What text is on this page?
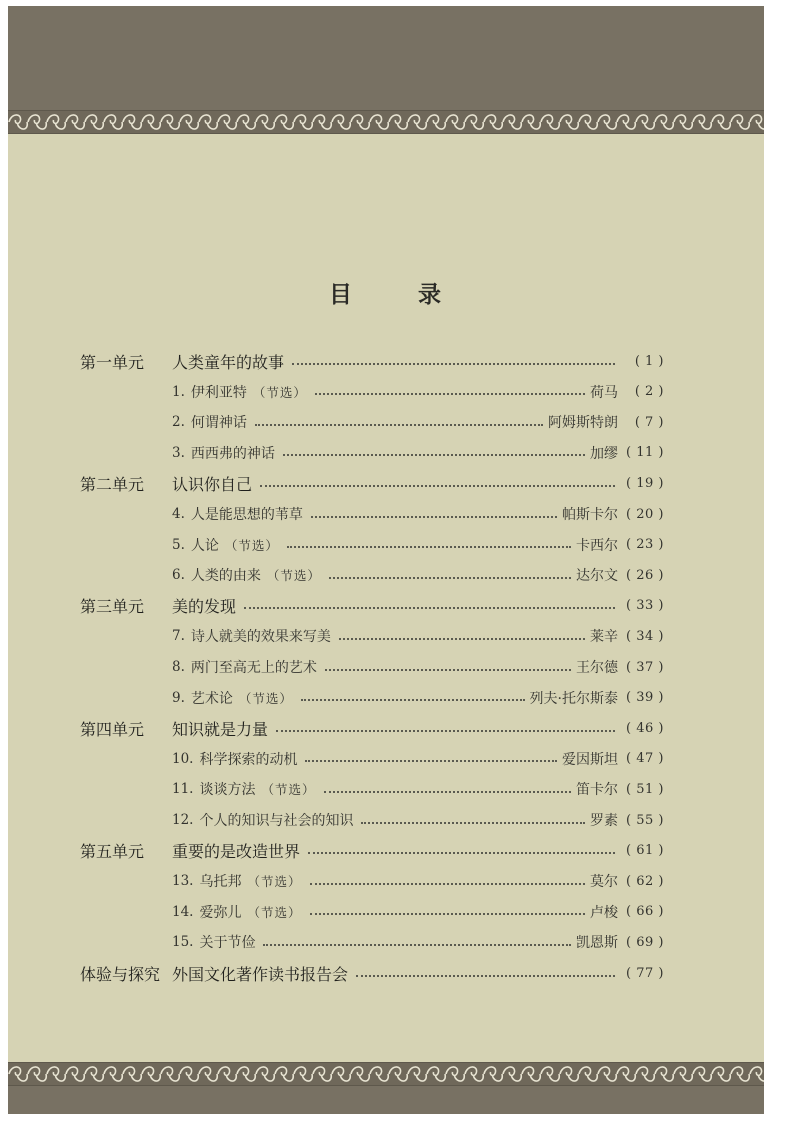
目	录
第一单元	人类童年的故事	( 1 )
1. 伊利亚特 （节选）	荷马	( 2 )
2. 何谓神话	阿姆斯特朗	( 7 )
3. 西西弗的神话	加缪 ( 11 )
第二单元	认识你自己	( 19 )
4. 人是能思想的苇草	帕斯卡尔 ( 20 )
5. 人论 （节选）	卡西尔 ( 23 )
6. 人类的由来 （节选）	达尔文 ( 26 )
第三单元	美的发现	( 33 )
7. 诗人就美的效果来写美	莱辛 ( 34 )
8. 两门至高无上的艺术	王尔德 ( 37 )
9. 艺术论 （节选）	列夫·托尔斯泰 ( 39 )
第四单元	知识就是力量	( 46 )
10. 科学探索的动机	爱因斯坦 ( 47 )
11. 谈谈方法 （节选）	笛卡尔 ( 51 )
12. 个人的知识与社会的知识	罗素 ( 55 )
第五单元	重要的是改造世界	( 61 )
13. 乌托邦 （节选）	莫尔 ( 62 )
14. 爱弥儿 （节选）	卢梭 ( 66 )
15. 关于节俭	凯恩斯 ( 69 )
体验与探究 外国文化著作读书报告会	( 77 )
